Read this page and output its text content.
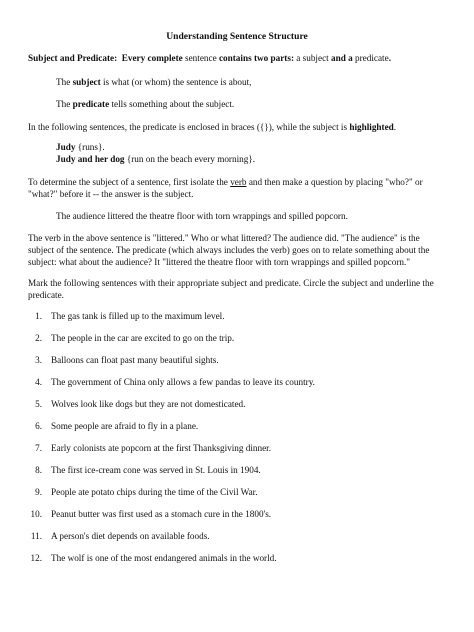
Understanding Sentence Structure
Subject and Predicate: Every complete sentence contains two parts: a subject and a predicate.
The subject is what (or whom) the sentence is about,
The predicate tells something about the subject.
In the following sentences, the predicate is enclosed in braces ({}), while the subject is highlighted.
Judy {runs}.
Judy and her dog {run on the beach every morning}.
To determine the subject of a sentence, first isolate the verb and then make a question by placing "who?" or
"what?" before it -- the answer is the subject.
The audience littered the theatre floor with torn wrappings and spilled popcorn.
The verb in the above sentence is "littered." Who or what littered? The audience did. "The audience" is the
subject of the sentence. The predicate (which always includes the verb) goes on to relate something about the
subject: what about the audience? It "littered the theatre floor with torn wrappings and spilled popcorn."
Mark the following sentences with their appropriate subject and predicate. Circle the subject and underline the
predicate.
1. The gas tank is filled up to the maximum level.
2. The people in the car are excited to go on the trip.
3. Balloons can float past many beautiful sights.
4. The government of China only allows a few pandas to leave its country.
5. Wolves look like dogs but they are not domesticated.
6. Some people are afraid to fly in a plane.
7. Early colonists ate popcorn at the first Thanksgiving dinner.
8. The first ice-cream cone was served in St. Louis in 1904.
9. People ate potato chips during the time of the Civil War.
10. Peanut butter was first used as a stomach cure in the 1800's.
11. A person's diet depends on available foods.
12. The wolf is one of the most endangered animals in the world.
